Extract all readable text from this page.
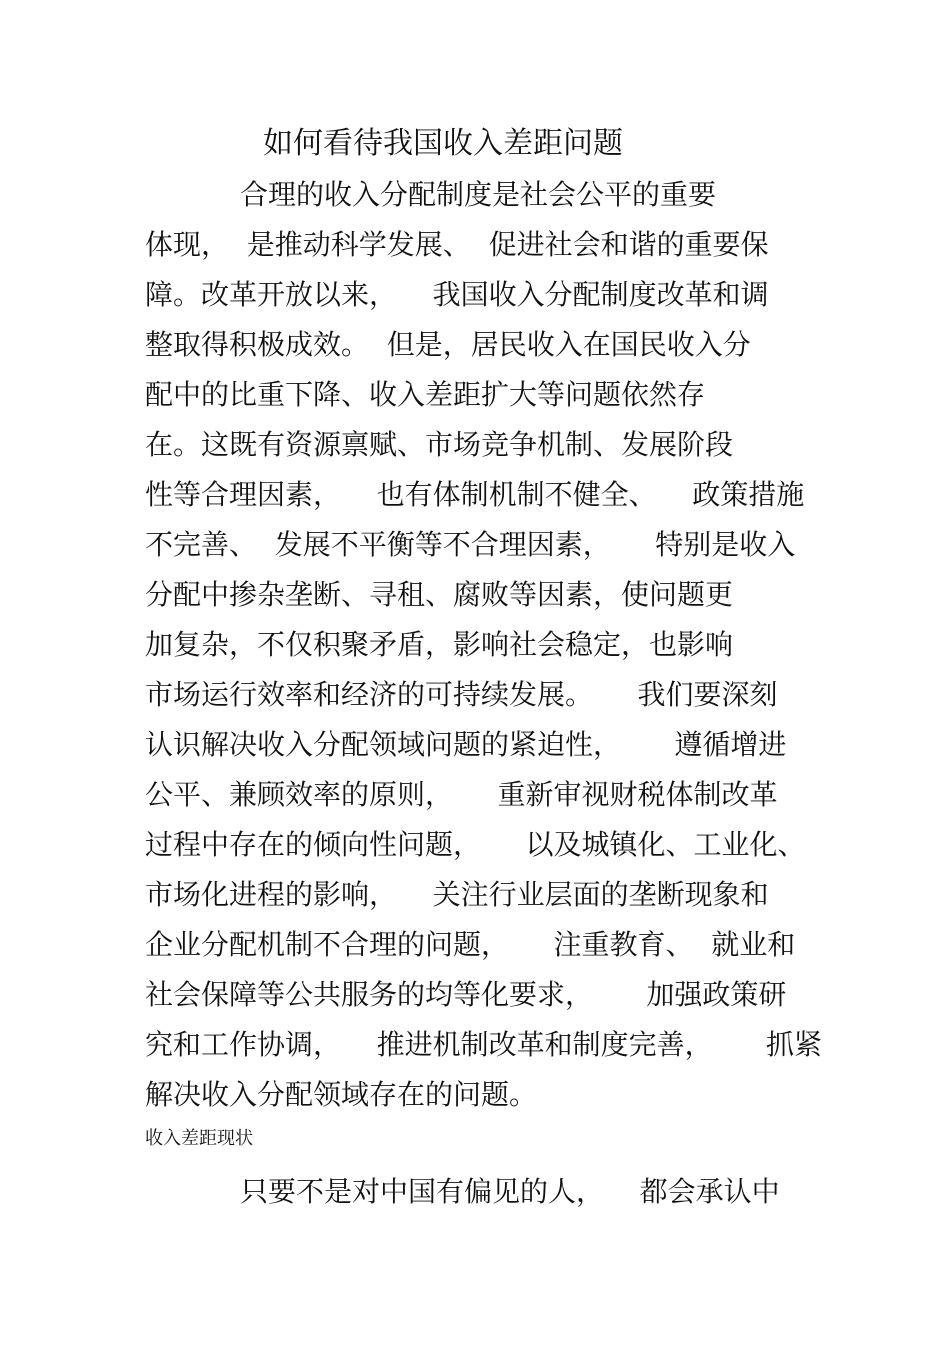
如何看待我国收入差距问题
合理的收入分配制度是社会公平的重要
体现，  是推动科学发展、  促进社会和谐的重要保
障。改革开放以来，    我国收入分配制度改革和调
整取得积极成效。  但是，居民收入在国民收入分
配中的比重下降、收入差距扩大等问题依然存
在。这既有资源禀赋、市场竞争机制、发展阶段
性等合理因素，    也有体制机制不健全、    政策措施
不完善、  发展不平衡等不合理因素，     特别是收入
分配中掺杂垄断、寻租、腐败等因素，使问题更
加复杂，不仅积聚矛盾，影响社会稳定，也影响
市场运行效率和经济的可持续发展。     我们要深刻
认识解决收入分配领域问题的紧迫性，      遵循增进
公平、兼顾效率的原则，     重新审视财税体制改革
过程中存在的倾向性问题，     以及城镇化、工业化、
市场化进程的影响，    关注行业层面的垄断现象和
企业分配机制不合理的问题，     注重教育、  就业和
社会保障等公共服务的均等化要求，      加强政策研
究和工作协调，    推进机制改革和制度完善，      抓紧
解决收入分配领域存在的问题。
收入差距现状
只要不是对中国有偏见的人，    都会承认中
